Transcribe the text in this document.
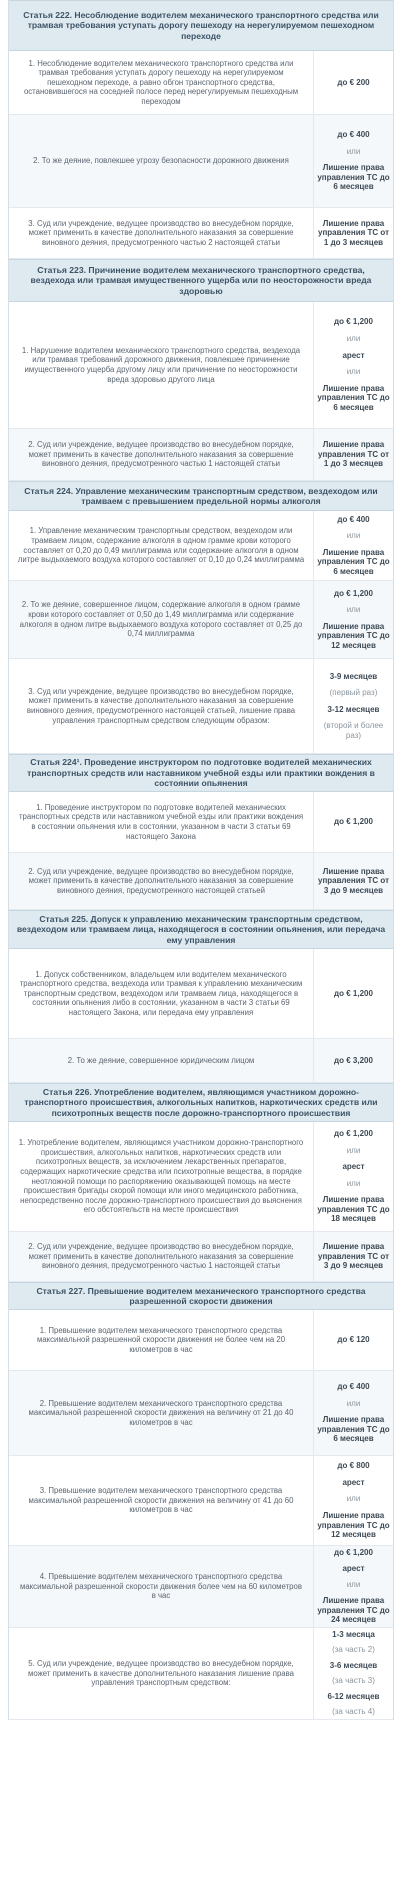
Статья 222. Несоблюдение водителем механического транспортного средства или трамвая требования уступать дорогу пешеходу на нерегулируемом пешеходном переходе
1. Несоблюдение водителем механического транспортного средства или трамвая требования уступать дорогу пешеходу на нерегулируемом пешеходном переходе, а равно обгон транспортного средства, остановившегося на соседней полосе перед нерегулируемым пешеходным переходом
до € 200
2. То же деяние, повлекшее угрозу безопасности дорожного движения
до € 400
или
Лишение права управления ТС до 6 месяцев
3. Суд или учреждение, ведущее производство во внесудебном порядке, может применить в качестве дополнительного наказания за совершение виновного деяния, предусмотренного частью 2 настоящей статьи
Лишение права управления ТС от 1 до 3 месяцев
Статья 223. Причинение водителем механического транспортного средства, вездехода или трамвая имущественного ущерба или по неосторожности вреда здоровью
1. Нарушение водителем механического транспортного средства, вездехода или трамвая требований дорожного движения, повлекшее причинение имущественного ущерба другому лицу или причинение по неосторожности вреда здоровью другого лица
до € 1,200
или
арест
или
Лишение права управления ТС до 6 месяцев
2. Суд или учреждение, ведущее производство во внесудебном порядке, может применить в качестве дополнительного наказания за совершение виновного деяния, предусмотренного частью 1 настоящей статьи
Лишение права управления ТС от 1 до 3 месяцев
Статья 224. Управление механическим транспортным средством, вездеходом или трамваем с превышением предельной нормы алкоголя
1. Управление механическим транспортным средством, вездеходом или трамваем лицом, содержание алкоголя в одном грамме крови которого составляет от 0,20 до 0,49 миллиграмма или содержание алкоголя в одном литре выдыхаемого воздуха которого составляет от 0,10 до 0,24 миллиграмма
до € 400
или
Лишение права управления ТС до 6 месяцев
2. То же деяние, совершенное лицом, содержание алкоголя в одном грамме крови которого составляет от 0,50 до 1,49 миллиграмма или содержание алкоголя в одном литре выдыхаемого воздуха которого составляет от 0,25 до 0,74 миллиграмма
до € 1,200
или
Лишение права управления ТС до 12 месяцев
3. Суд или учреждение, ведущее производство во внесудебном порядке, может применить в качестве дополнительного наказания за совершение виновного деяния, предусмотренного настоящей статьей, лишение права управления транспортным средством следующим образом:
3-9 месяцев
(первый раз)
3-12 месяцев
(второй и более раз)
Статья 224¹. Проведение инструктором по подготовке водителей механических транспортных средств или наставником учебной езды или практики вождения в состоянии опьянения
1. Проведение инструктором по подготовке водителей механических транспортных средств или наставником учебной езды или практики вождения в состоянии опьянения или в состоянии, указанном в части 3 статьи 69 настоящего Закона
до € 1,200
2. Суд или учреждение, ведущее производство во внесудебном порядке, может применить в качестве дополнительного наказания за совершение виновного деяния, предусмотренного настоящей статьей
Лишение права управления ТС от 3 до 9 месяцев
Статья 225. Допуск к управлению механическим транспортным средством, вездеходом или трамваем лица, находящегося в состоянии опьянения, или передача ему управления
1. Допуск собственником, владельцем или водителем механического транспортного средства, вездехода или трамвая к управлению механическим транспортным средством, вездеходом или трамваем лица, находящегося в состоянии опьянения либо в состоянии, указанном в части 3 статьи 69 настоящего Закона, или передача ему управления
до € 1,200
2. То же деяние, совершенное юридическим лицом	до € 3,200
Статья 226. Употребление водителем, являющимся участником дорожно-транспортного происшествия, алкогольных напитков, наркотических средств или психотропных веществ после дорожно-транспортного происшествия
1. Употребление водителем, являющимся участником дорожно-транспортного происшествия, алкогольных напитков, наркотических средств или психотропных веществ, за исключением лекарственных препаратов, содержащих наркотические средства или психотропные вещества, в порядке неотложной помощи по распоряжению оказывающей помощь на месте происшествия бригады скорой помощи или иного медицинского работника, непосредственно после дорожно-транспортного происшествия до выяснения его обстоятельств на месте происшествия
до € 1,200
или
арест
или
Лишение права управления ТС до 18 месяцев
2. Суд или учреждение, ведущее производство во внесудебном порядке, может применить в качестве дополнительного наказания за совершение виновного деяния, предусмотренного частью 1 настоящей статьи
Лишение права управления ТС от 3 до 9 месяцев
Статья 227. Превышение водителем механического транспортного средства разрешенной скорости движения
1. Превышение водителем механического транспортного средства максимальной разрешенной скорости движения не более чем на 20 километров в час
до € 120
2. Превышение водителем механического транспортного средства максимальной разрешенной скорости движения на величину от 21 до 40 километров в час
до € 400
или
Лишение права управления ТС до 6 месяцев
3. Превышение водителем механического транспортного средства максимальной разрешенной скорости движения на величину от 41 до 60 километров в час
до € 800
арест
или
Лишение права управления ТС до 12 месяцев
4. Превышение водителем механического транспортного средства максимальной разрешенной скорости движения более чем на 60 километров в час
до € 1,200
арест
или
Лишение права управления ТС до 24 месяцев
5. Суд или учреждение, ведущее производство во внесудебном порядке, может применить в качестве дополнительного наказания лишение права управления транспортным средством:
1-3 месяца
(за часть 2)
3-6 месяцев
(за часть 3)
6-12 месяцев
(за часть 4)
